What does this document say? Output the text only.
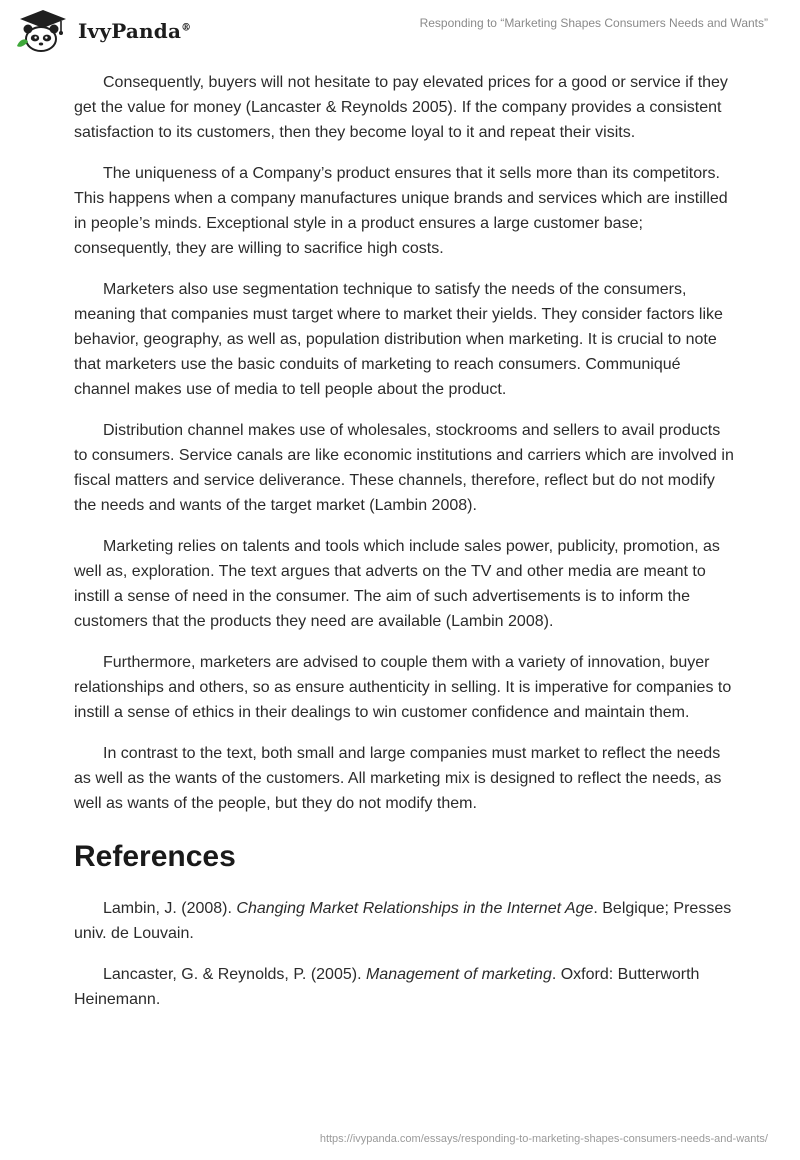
IvyPanda®	Responding to “Marketing Shapes Consumers Needs and Wants”

Consequently, buyers will not hesitate to pay elevated prices for a good or service if they get the value for money (Lancaster & Reynolds 2005). If the company provides a consistent satisfaction to its customers, then they become loyal to it and repeat their visits.

The uniqueness of a Company’s product ensures that it sells more than its competitors. This happens when a company manufactures unique brands and services which are instilled in people’s minds. Exceptional style in a product ensures a large customer base; consequently, they are willing to sacrifice high costs.

Marketers also use segmentation technique to satisfy the needs of the consumers, meaning that companies must target where to market their yields. They consider factors like behavior, geography, as well as, population distribution when marketing. It is crucial to note that marketers use the basic conduits of marketing to reach consumers. Communiqué channel makes use of media to tell people about the product.

Distribution channel makes use of wholesales, stockrooms and sellers to avail products to consumers. Service canals are like economic institutions and carriers which are involved in fiscal matters and service deliverance. These channels, therefore, reflect but do not modify the needs and wants of the target market (Lambin 2008).

Marketing relies on talents and tools which include sales power, publicity, promotion, as well as, exploration. The text argues that adverts on the TV and other media are meant to instill a sense of need in the consumer. The aim of such advertisements is to inform the customers that the products they need are available (Lambin 2008).

Furthermore, marketers are advised to couple them with a variety of innovation, buyer relationships and others, so as ensure authenticity in selling. It is imperative for companies to instill a sense of ethics in their dealings to win customer confidence and maintain them.

In contrast to the text, both small and large companies must market to reflect the needs as well as the wants of the customers. All marketing mix is designed to reflect the needs, as well as wants of the people, but they do not modify them.

References

Lambin, J. (2008). Changing Market Relationships in the Internet Age. Belgique; Presses univ. de Louvain.

Lancaster, G. & Reynolds, P. (2005). Management of marketing. Oxford: Butterworth Heinemann.

https://ivypanda.com/essays/responding-to-marketing-shapes-consumers-needs-and-wants/
